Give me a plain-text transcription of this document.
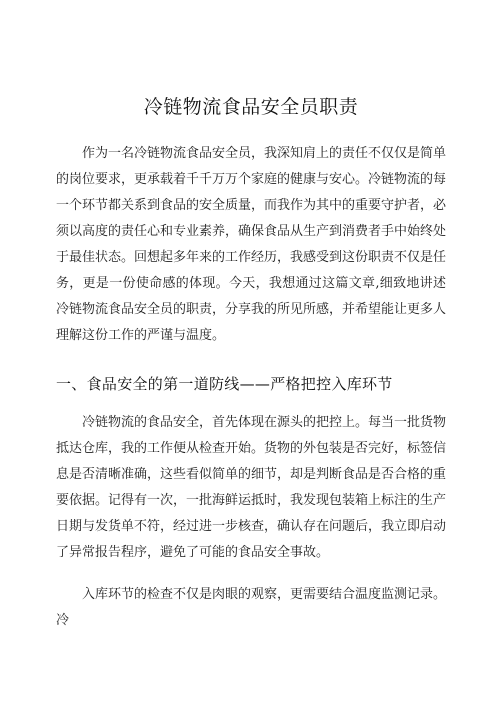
冷链物流食品安全员职责

作为一名冷链物流食品安全员，我深知肩上的责任不仅仅是简单的岗位要求，更承载着千千万万个家庭的健康与安心。冷链物流的每一个环节都关系到食品的安全质量，而我作为其中的重要守护者，必须以高度的责任心和专业素养，确保食品从生产到消费者手中始终处于最佳状态。回想起多年来的工作经历，我感受到这份职责不仅是任务，更是一份使命感的体现。今天，我想通过这篇文章,细致地讲述冷链物流食品安全员的职责，分享我的所见所感，并希望能让更多人理解这份工作的严谨与温度。

一、食品安全的第一道防线——严格把控入库环节

冷链物流的食品安全，首先体现在源头的把控上。每当一批货物抵达仓库，我的工作便从检查开始。货物的外包装是否完好，标签信息是否清晰准确，这些看似简单的细节，却是判断食品是否合格的重要依据。记得有一次，一批海鲜运抵时，我发现包装箱上标注的生产日期与发货单不符，经过进一步核查，确认存在问题后，我立即启动了异常报告程序，避免了可能的食品安全事故。

入库环节的检查不仅是肉眼的观察，更需要结合温度监测记录。冷
